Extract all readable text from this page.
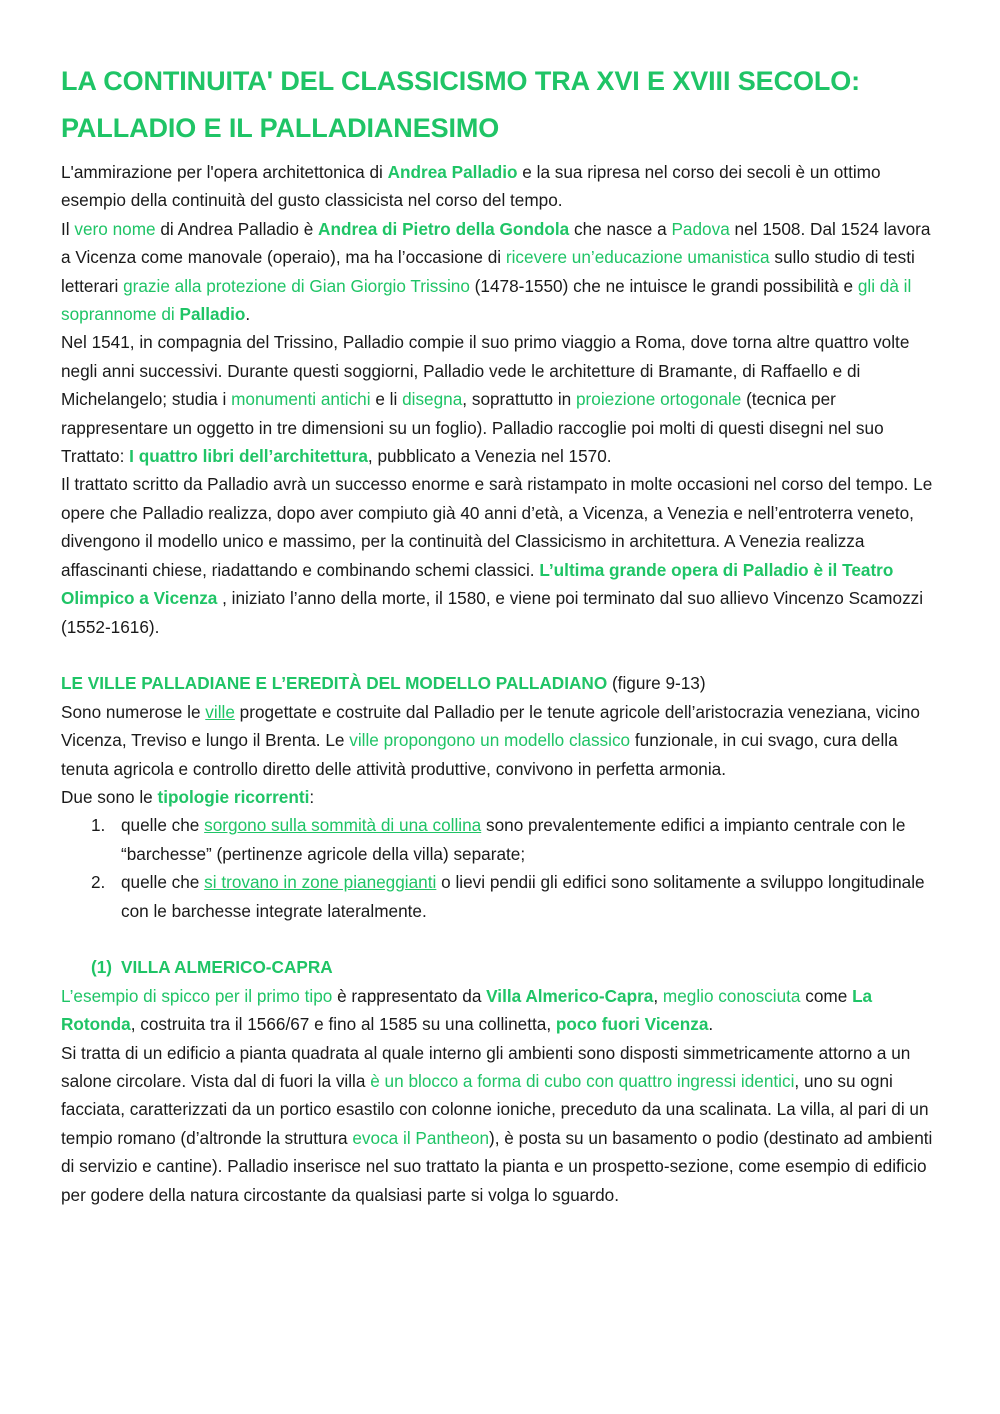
LA CONTINUITA' DEL CLASSICISMO TRA XVI E XVIII SECOLO:
PALLADIO E IL PALLADIANESIMO

L'ammirazione per l'opera architettonica di Andrea Palladio e la sua ripresa nel corso dei secoli è un ottimo esempio della continuità del gusto classicista nel corso del tempo.

Il vero nome di Andrea Palladio è Andrea di Pietro della Gondola che nasce a Padova nel 1508. Dal 1524 lavora a Vicenza come manovale (operaio), ma ha l’occasione di ricevere un’educazione umanistica sullo studio di testi letterari grazie alla protezione di Gian Giorgio Trissino (1478-1550) che ne intuisce le grandi possibilità e gli dà il soprannome di Palladio.

Nel 1541, in compagnia del Trissino, Palladio compie il suo primo viaggio a Roma, dove torna altre quattro volte negli anni successivi. Durante questi soggiorni, Palladio vede le architetture di Bramante, di Raffaello e di Michelangelo; studia i monumenti antichi e li disegna, soprattutto in proiezione ortogonale (tecnica per rappresentare un oggetto in tre dimensioni su un foglio). Palladio raccoglie poi molti di questi disegni nel suo Trattato: I quattro libri dell’architettura, pubblicato a Venezia nel 1570.

Il trattato scritto da Palladio avrà un successo enorme e sarà ristampato in molte occasioni nel corso del tempo. Le opere che Palladio realizza, dopo aver compiuto già 40 anni d’età, a Vicenza, a Venezia e nell’entroterra veneto, divengono il modello unico e massimo, per la continuità del Classicismo in architettura. A Venezia realizza affascinanti chiese, riadattando e combinando schemi classici. L’ultima grande opera di Palladio è il Teatro Olimpico a Vicenza , iniziato l’anno della morte, il 1580, e viene poi terminato dal suo allievo Vincenzo Scamozzi (1552-1616).

LE VILLE PALLADIANE E L’EREDITÀ DEL MODELLO PALLADIANO (figure 9-13)

Sono numerose le ville progettate e costruite dal Palladio per le tenute agricole dell’aristocrazia veneziana, vicino Vicenza, Treviso e lungo il Brenta. Le ville propongono un modello classico funzionale, in cui svago, cura della tenuta agricola e controllo diretto delle attività produttive, convivono in perfetta armonia.

Due sono le tipologie ricorrenti:

1. quelle che sorgono sulla sommità di una collina sono prevalentemente edifici a impianto centrale con le “barchesse” (pertinenze agricole della villa) separate;
2. quelle che si trovano in zone pianeggianti o lievi pendii gli edifici sono solitamente a sviluppo longitudinale con le barchesse integrate lateralmente.
(1) VILLA ALMERICO-CAPRA

L’esempio di spicco per il primo tipo è rappresentato da Villa Almerico-Capra, meglio conosciuta come La Rotonda, costruita tra il 1566/67 e fino al 1585 su una collinetta, poco fuori Vicenza.

Si tratta di un edificio a pianta quadrata al quale interno gli ambienti sono disposti simmetricamente attorno a un salone circolare. Vista dal di fuori la villa è un blocco a forma di cubo con quattro ingressi identici, uno su ogni facciata, caratterizzati da un portico esastilo con colonne ioniche, preceduto da una scalinata. La villa, al pari di un tempio romano (d’altronde la struttura evoca il Pantheon), è posta su un basamento o podio (destinato ad ambienti di servizio e cantine). Palladio inserisce nel suo trattato la pianta e un prospetto-sezione, come esempio di edificio per godere della natura circostante da qualsiasi parte si volga lo sguardo.
